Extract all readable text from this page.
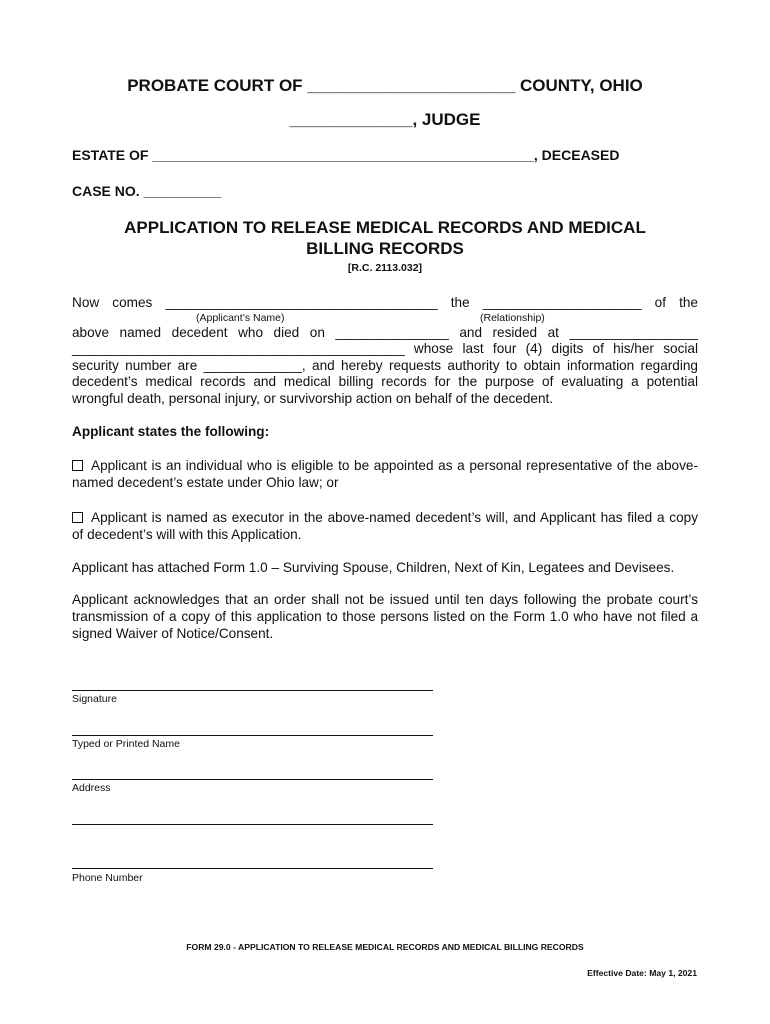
PROBATE COURT OF ______________________ COUNTY, OHIO
_____________, JUDGE
ESTATE OF _________________________________________________, DECEASED
CASE NO. __________
APPLICATION TO RELEASE MEDICAL RECORDS AND MEDICAL
BILLING RECORDS
[R.C. 2113.032]
Now comes ____________________________________ the _____________________ of the
(Applicant’s Name)	(Relationship)
above named decedent who died on _______________ and resided at _________________
____________________________________________ whose last four (4) digits of his/her social
security number are _____________, and hereby requests authority to obtain information regarding
decedent’s medical records and medical billing records for the purpose of evaluating a potential
wrongful death, personal injury, or survivorship action on behalf of the decedent.
Applicant states the following:
Applicant is an individual who is eligible to be appointed as a personal representative of the above-
named decedent’s estate under Ohio law; or
Applicant is named as executor in the above-named decedent’s will, and Applicant has filed a copy
of decedent’s will with this Application.
Applicant has attached Form 1.0 – Surviving Spouse, Children, Next of Kin, Legatees and Devisees.
Applicant acknowledges that an order shall not be issued until ten days following the probate court’s
transmission of a copy of this application to those persons listed on the Form 1.0 who have not filed a
signed Waiver of Notice/Consent.
Signature
Typed or Printed Name
Address
Phone Number
FORM 29.0 - APPLICATION TO RELEASE MEDICAL RECORDS AND MEDICAL BILLING RECORDS
Effective Date: May 1, 2021
